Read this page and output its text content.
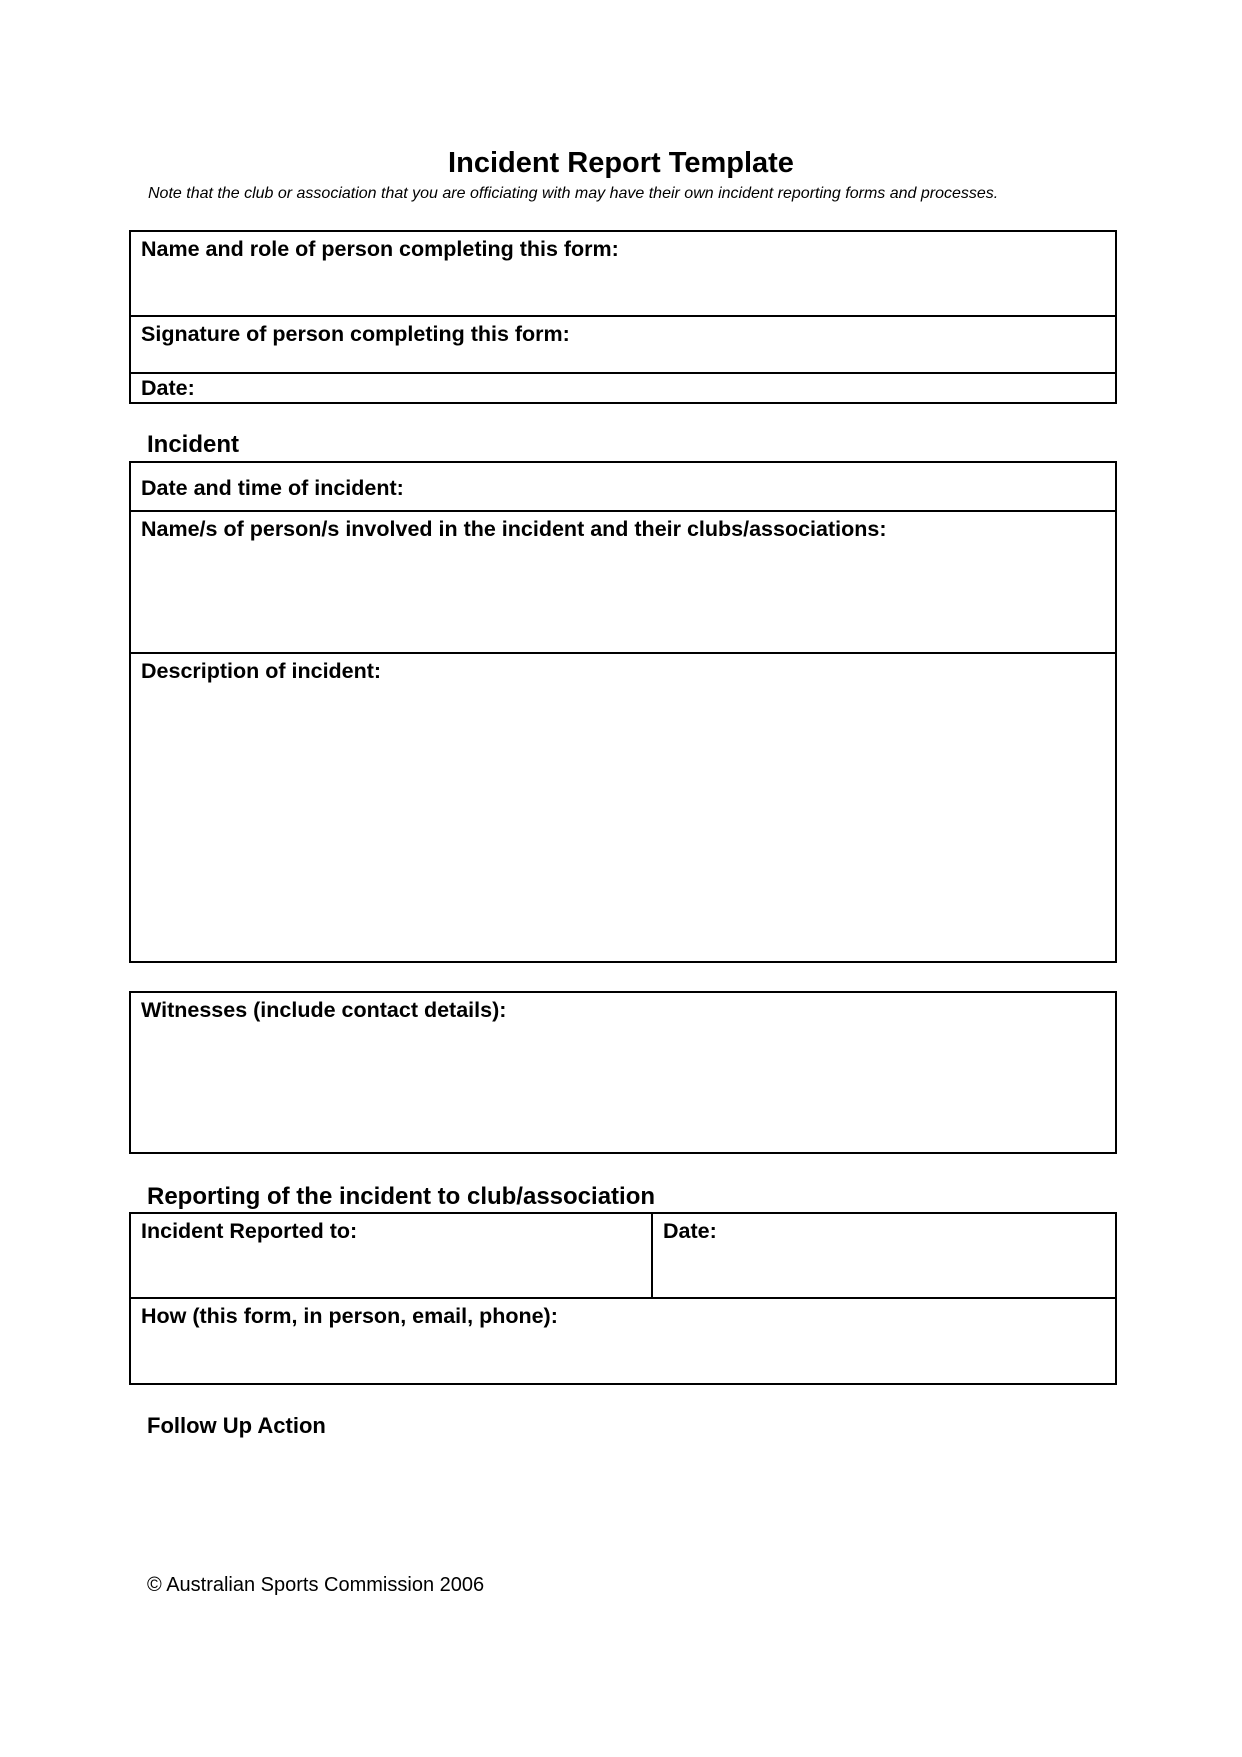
Incident Report Template
Note that the club or association that you are officiating with may have their own incident reporting forms and processes.
Name and role of person completing this form:
Signature of person completing this form:
Date:
Incident
Date and time of incident:
Name/s of person/s involved in the incident and their clubs/associations:
Description of incident:
Witnesses (include contact details):
Reporting of the incident to club/association
Incident Reported to:	Date:
How (this form, in person, email, phone):
Follow Up Action
© Australian Sports Commission 2006
